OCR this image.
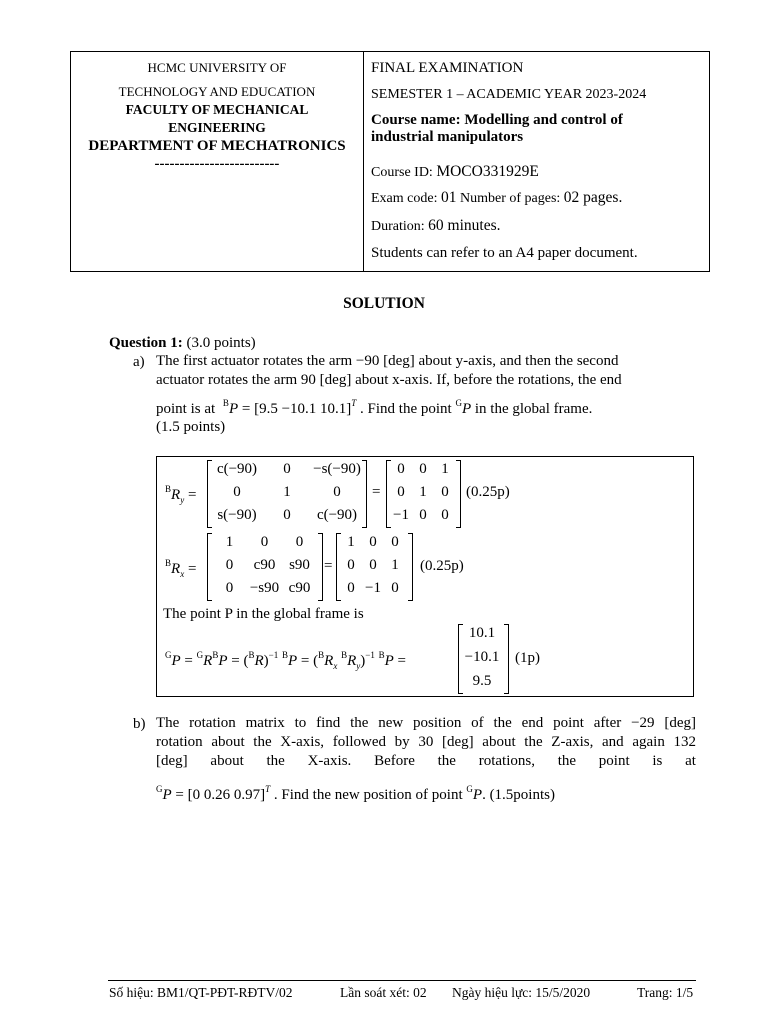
HCMC UNIVERSITY OF
TECHNOLOGY AND EDUCATION
FACULTY OF MECHANICAL
ENGINEERING
DEPARTMENT OF MECHATRONICS
-------------------------
FINAL EXAMINATION
SEMESTER 1 – ACADEMIC YEAR 2023-2024
Course name: Modelling and control of
industrial manipulators
Course ID: MOCO331929E
Exam code: 01 Number of pages: 02 pages.
Duration: 60 minutes.
Students can refer to an A4 paper document.
SOLUTION
Question 1: (3.0 points)
a) The first actuator rotates the arm −90 [deg] about y-axis, and then the second
actuator rotates the arm 90 [deg] about x-axis. If, before the rotations, the end
point is at $^B$P = [9.5 −10.1 10.1]$^T$ . Find the point $^G$P in the global frame.
(1.5 points)
$^BR_y$ =
c(−90)	0	−s(−90)
0	1	0
s(−90)	0	c(−90)
=
0 0 1
0 1 0
−1 0 0
(0.25p)
$^BR_x$ =
1	0	0
0	c90 s90
0	−s90 c90
=
1 0 0
0 0 1
0 −1 0
(0.25p)
The point P in the global frame is
$^GP = ^GR^BP = (^BR)^{-1}$ $^BP = (^BR_x$ $^BR_y)^{-1}$ $^B$P =
10.1
−10.1
9.5
(1p)
b) The rotation matrix to find the new position of the end point after −29 [deg]
rotation about the X-axis, followed by 30 [deg] about the Z-axis, and again 132
[deg] about the X-axis. Before the rotations, the point is at
$^G$P = [0 0.26 0.97]$^T$ . Find the new position of point $^G$P. (1.5points)
Số hiệu: BM1/QT-PĐT-RĐTV/02	Lần soát xét: 02 Ngày hiệu lực: 15/5/2020	Trang: 1/5
